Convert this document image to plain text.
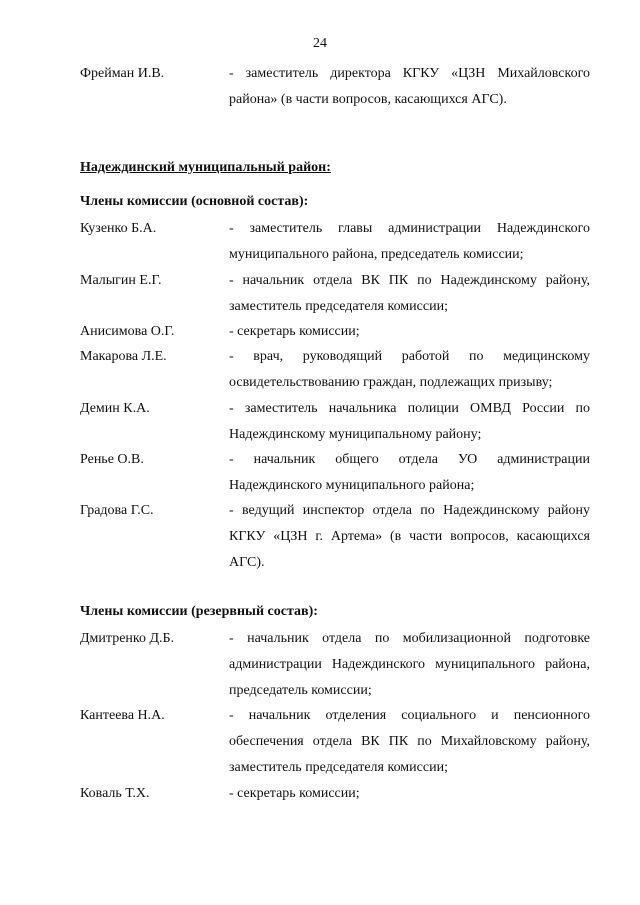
24
Фрейман И.В.	- заместитель директора КГКУ «ЦЗН Михайловского района» (в части вопросов, касающихся АГС).
Надеждинский муниципальный район:
Члены комиссии (основной состав):
Кузенко Б.А.	- заместитель главы администрации Надеждинского муниципального района, председатель комиссии;
Малыгин Е.Г.	- начальник отдела ВК ПК по Надеждинскому району, заместитель председателя комиссии;
Анисимова О.Г.	- секретарь комиссии;
Макарова Л.Е.	- врач, руководящий работой по медицинскому освидетельствованию граждан, подлежащих призыву;
Демин К.А.	- заместитель начальника полиции ОМВД России по Надеждинскому муниципальному району;
Ренье О.В.	- начальник общего отдела УО администрации Надеждинского муниципального района;
Градова Г.С.	- ведущий инспектор отдела по Надеждинскому району КГКУ «ЦЗН г. Артема» (в части вопросов, касающихся АГС).
Члены комиссии (резервный состав):
Дмитренко Д.Б.	- начальник отдела по мобилизационной подготовке администрации Надеждинского муниципального района, председатель комиссии;
Кантеева Н.А.	- начальник отделения социального и пенсионного обеспечения отдела ВК ПК по Михайловскому району, заместитель председателя комиссии;
Коваль Т.Х.	- секретарь комиссии;
